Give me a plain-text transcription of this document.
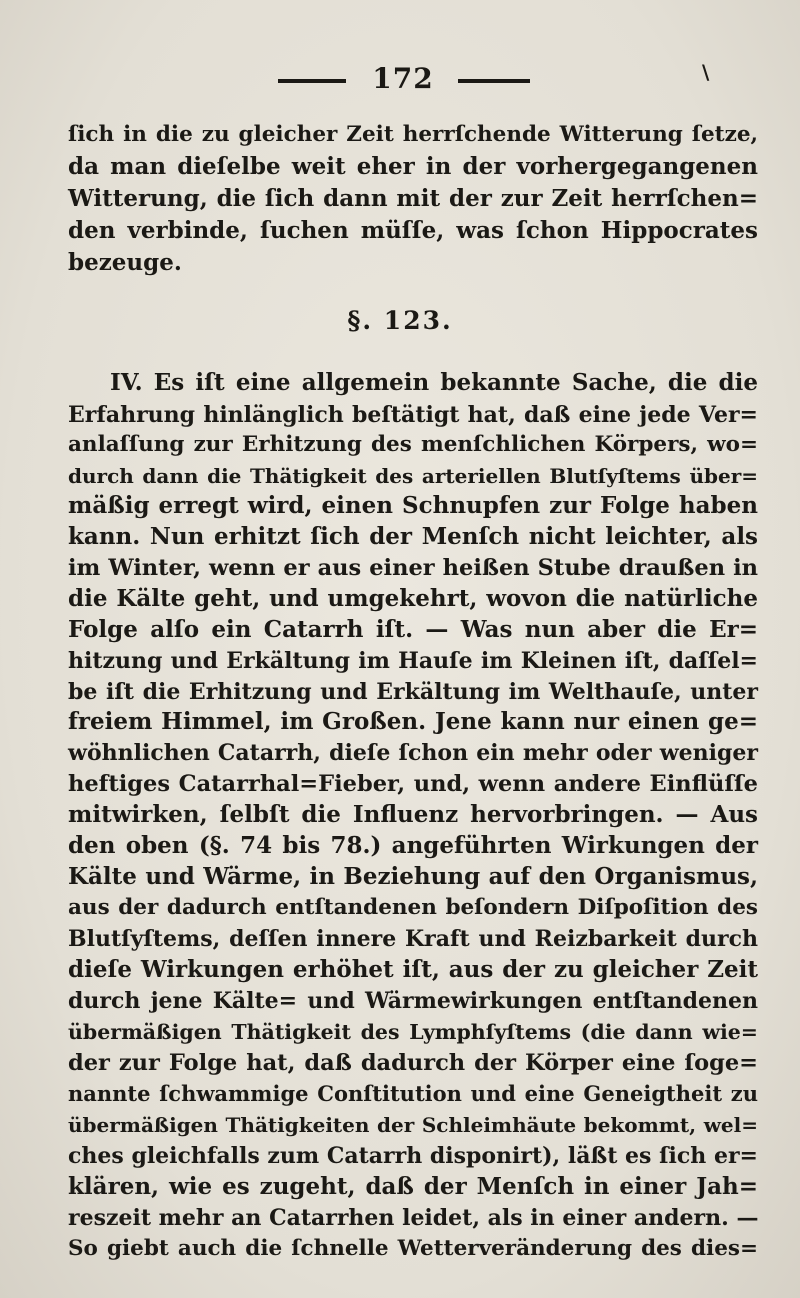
172	\
ſich in die zu gleicher Zeit herrſchende Witterung ſetze,
da man dieſelbe weit eher in der vorhergegangenen
Witterung, die ſich dann mit der zur Zeit herrſchen=
den verbinde, ſuchen müſſe, was ſchon Hippocrates
bezeuge.
§. 123.
IV. Es iſt eine allgemein bekannte Sache, die die
Erfahrung hinlänglich beſtätigt hat, daß eine jede Ver=
anlaſſung zur Erhitzung des menſchlichen Körpers, wo=
durch dann die Thätigkeit des arteriellen Blutſyſtems über=
mäßig erregt wird, einen Schnupfen zur Folge haben
kann. Nun erhitzt ſich der Menſch nicht leichter, als
im Winter, wenn er aus einer heißen Stube draußen in
die Kälte geht, und umgekehrt, wovon die natürliche
Folge alſo ein Catarrh iſt. — Was nun aber die Er=
hitzung und Erkältung im Hauſe im Kleinen iſt, daſſel=
be iſt die Erhitzung und Erkältung im Welthauſe, unter
freiem Himmel, im Großen. Jene kann nur einen ge=
wöhnlichen Catarrh, dieſe ſchon ein mehr oder weniger
heftiges Catarrhal=Fieber, und, wenn andere Einflüſſe
mitwirken, ſelbſt die Influenz hervorbringen. — Aus
den oben (§. 74 bis 78.) angeführten Wirkungen der
Kälte und Wärme, in Beziehung auf den Organismus,
aus der dadurch entſtandenen beſondern Diſpoſition des
Blutſyſtems, deſſen innere Kraft und Reizbarkeit durch
dieſe Wirkungen erhöhet iſt, aus der zu gleicher Zeit
durch jene Kälte= und Wärmewirkungen entſtandenen
übermäßigen Thätigkeit des Lymphſyſtems (die dann wie=
der zur Folge hat, daß dadurch der Körper eine ſoge=
nannte ſchwammige Conſtitution und eine Geneigtheit zu
übermäßigen Thätigkeiten der Schleimhäute bekommt, wel=
ches gleichfalls zum Catarrh disponirt), läßt es ſich er=
klären, wie es zugeht, daß der Menſch in einer Jah=
reszeit mehr an Catarrhen leidet, als in einer andern. —
So giebt auch die ſchnelle Wetterveränderung des dies=
